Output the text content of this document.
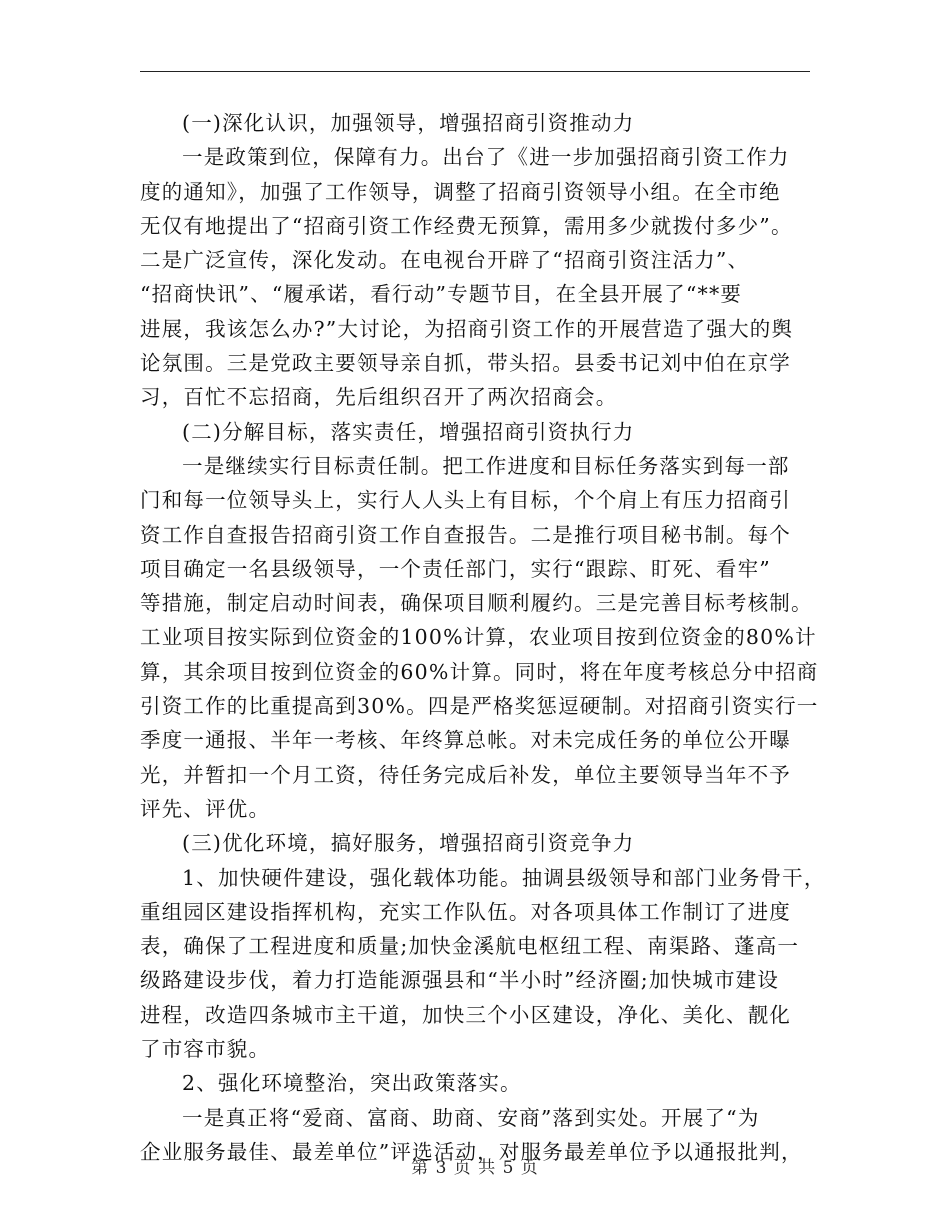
(一)深化认识，加强领导，增强招商引资推动力
一是政策到位，保障有力。出台了《进一步加强招商引资工作力
度的通知》，加强了工作领导，调整了招商引资领导小组。在全市绝
无仅有地提出了“招商引资工作经费无预算，需用多少就拨付多少”。
二是广泛宣传，深化发动。在电视台开辟了“招商引资注活力”、
“招商快讯”、“履承诺，看行动”专题节目，在全县开展了“**要
进展，我该怎么办?”大讨论，为招商引资工作的开展营造了强大的舆
论氛围。三是党政主要领导亲自抓，带头招。县委书记刘中伯在京学
习，百忙不忘招商，先后组织召开了两次招商会。
(二)分解目标，落实责任，增强招商引资执行力
一是继续实行目标责任制。把工作进度和目标任务落实到每一部
门和每一位领导头上，实行人人头上有目标，个个肩上有压力招商引
资工作自查报告招商引资工作自查报告。二是推行项目秘书制。每个
项目确定一名县级领导，一个责任部门，实行“跟踪、盯死、看牢”
等措施，制定启动时间表，确保项目顺利履约。三是完善目标考核制。
工业项目按实际到位资金的100%计算，农业项目按到位资金的80%计
算，其余项目按到位资金的60%计算。同时，将在年度考核总分中招商
引资工作的比重提高到30%。四是严格奖惩逗硬制。对招商引资实行一
季度一通报、半年一考核、年终算总帐。对未完成任务的单位公开曝
光，并暂扣一个月工资，待任务完成后补发，单位主要领导当年不予
评先、评优。
(三)优化环境，搞好服务，增强招商引资竞争力
1、加快硬件建设，强化载体功能。抽调县级领导和部门业务骨干，
重组园区建设指挥机构，充实工作队伍。对各项具体工作制订了进度
表，确保了工程进度和质量;加快金溪航电枢纽工程、南渠路、蓬高一
级路建设步伐，着力打造能源强县和“半小时”经济圈;加快城市建设
进程，改造四条城市主干道，加快三个小区建设，净化、美化、靓化
了市容市貌。
2、强化环境整治，突出政策落实。
一是真正将“爱商、富商、助商、安商”落到实处。开展了“为
企业服务最佳、最差单位”评选活动，对服务最差单位予以通报批判，
第 3 页 共 5 页
